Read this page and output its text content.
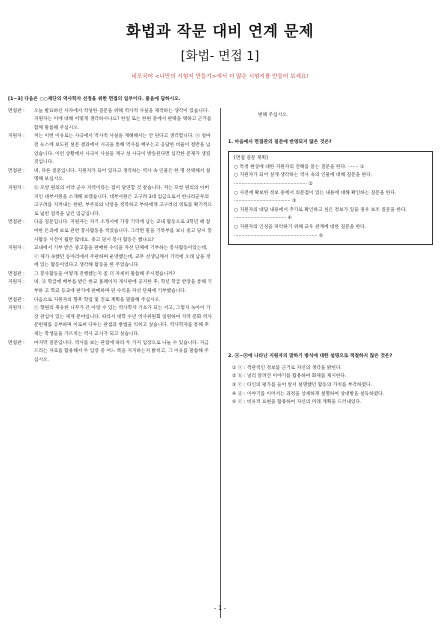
화법과 작문 대비 연계 문제
[화법- 면접 1]
네모국어 <나만의 시험지 만들기>에서 더 많은 시험지를 만들어 보세요!
[1~3] 다음은 ○○재단의 역사학자 선정을 위한 면접의 일부이다. 물음에 답하시오.
면접관 :	오늘 발표하신 사자에서 작성한 질문을 위해 역사적 사실을 제작하는 생각이 있습니다. 지원자는 이에 대해 어떻게 생각하시나요? 한일 또는 한편 중에서 판택을 택하고 근거를 함께 말씀해 주십시오.
지원자 :	저는 이번 이유로는 사극에서 역사적 사실을 재해해서는 안 된다고 생각합니다. ⓐ 얼마 전 뉴스에 보도된 설문 결과에서 시극을 통해 역사를 배우는고 응답한 비율이 절반을 넘었습니다. 이런 상황에서 사극이 사실을 재구 성 사극이 방송된다면 심각한 문제가 생길 것입니다.
면접관 :	네, 다른 질문입니다. 지원자가 되어 있다고 생각하는 역사 속 인물은 한 명 선택해서 설명해 보십시오.
지원자 :	ⓑ 포항 원의의 서약 군수 지역이라는 점이 당연할 것 같습니다. 저는 포항 원의의 아버지인 대부서원을 소개해 보겠습니다. 대부서원은 고구려 3대 임금으로서 한나라군투의 고구려를 지켜내는 한편, 부주의와 낙랑을 정복하고 부하에게 고구려의 영토를 확기적으로 넓힌 업적을 남긴 임금입니다.
면접관 :	다음 질문입니다. 지원자는 자기 소개서에 가장 기억에 남는 교내 활동으로 3학년 때 참여한 돈과에 보로 관련 봉사활동을 적었습니다. 그러면 말을 기록부를 보니 중고 당시 봉사활동 시간이 월란 많네요. 중고 당시 봉사 활동은 했나요?
지원자 :	교내에서 기부 받은 중고품을 판매한 수익을 자선 단체에 기부하는 봉사활동이었는데, ⓒ 제가 속했던 동아리에서 주관하며 운영했는데, 교무 선생님께서 기억에 오래 남을 정에 있는 활동이었다고 생각해 활동을 한 주었습니다.
면접관 :	그 봉사활동을 어떻게 진행했는지 좀 더 자세히 말씀해 주시겠습니까?
지원자 :	네. ⓓ 학급에 배부를 받은 한교 홈페이지 게시판에 공지한 후, 학년 학급 반장을 통해 기부하 고 학교 등교에 판가에 판매하며 된 수익을 자선 단체에 기부했습니다.
면접관 :	다음으로 지원자의 향후 학업 및 진로 계획을 말씀해 주십시오.
지원자 :	ⓔ 향원의 취유한 나무가 큰 아랑 수 있는 역사학자 기초가 되는 서고, 그렇지 녹아이 가장 관심이 있는 세계 분야입니다. 따라서 대학 수년 역사위원회 일원하여 지역 문화 역사 문헌제를 공부하며 이로써 다루는 관점과 방법을 익히고 싶습니다. 역사학자를 통해 후세는 학생들을 가르치는 역사 교사가 되고 싶습니다.
면접관 :	마지막 질문입니다. 역사를 보는 관점에 따라 두 가지 입장으로 나눌 수 있습니다. 지금 드리는 자료를 활용해서 두 입장 중 어느 쪽을 지지하는지 밝히고, 그 이유를 말씀해 주십시오.
변해 주십시오.
1. 마음에서 면접관의 질문에 반영되지 않은 것은?
[면접 질문 계획]
○ 특정 현상에 대한 지원자의 견해를 묻는 질문을 한다. ······· ①
○ 지원자가 되어 싶게 생각하는 역사 속의 인물에 대해 질문을 한다. ················································· ②
○ 사전에 확보한 정보 중에서 의문점이 있는 내용에 대해 확인하는 질문을 한다. ······································ ③
○ 지원자의 대답 내용에서 추가로 확인하고 싶은 정보가 있을 경우 보조 질문을 한다. ··································· ④
○ 지원자의 인성을 파악하기 위해 교우 관계에 대한 질문을 한다. ························································ ⑤
2. ⓐ~ⓔ에 나타난 지원자의 말하기 방식에 대한 설명으로 적절하지 않은 것은?
① ⓐ : 객관적인 정보를 근거로 자신의 생각을 밝힌다.
② ⓑ : 널리 알려진 이야기를 활용하여 화제를 제시한다.
③ ⓒ : 타인의 평가를 들어 앞서 설명했던 활동의 가치를 부각하였다.
④ ⓓ : 이야기를 이어서는 과정을 상세하게 설명하여 상대방을 설득하였다.
⑤ ⓔ : 비유적 표현을 활용하여 자신의 미래 계획을 드러내었다.
- 1 -
